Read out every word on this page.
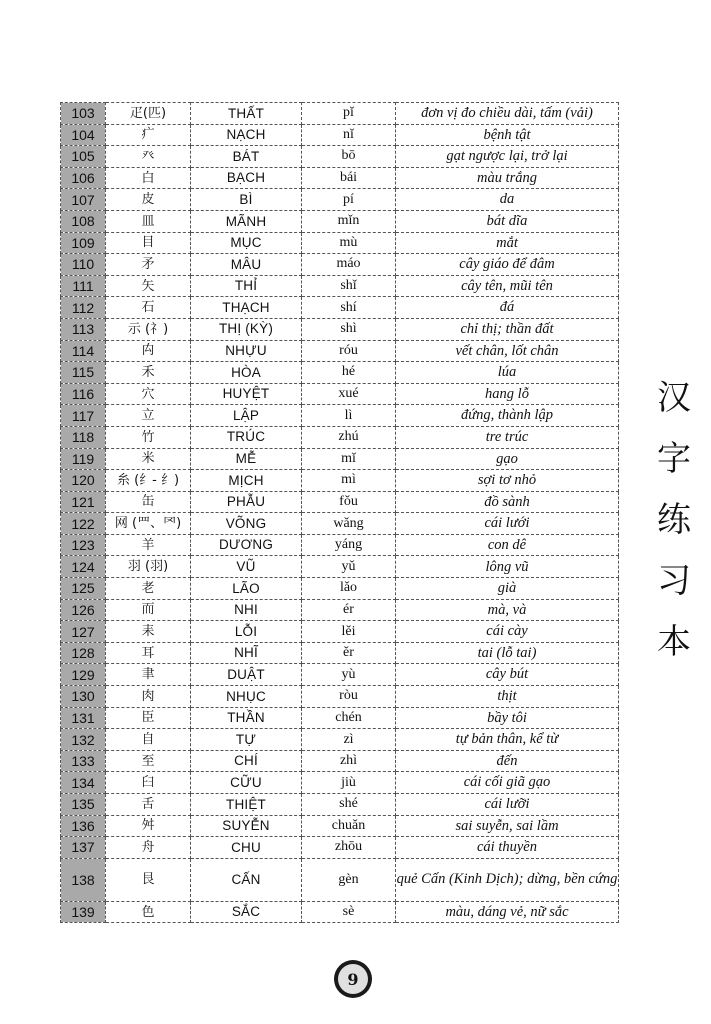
103	疋(匹)	THẤT	pǐ	đơn vị đo chiều dài, tấm (vải)
104	疒	NẠCH	nǐ	bệnh tật
105	癶	BÁT	bō	gạt ngược lại, trở lại
106	白	BẠCH	bái	màu trắng
107	皮	BÌ	pí	da
108	皿	MÃNH	mǐn	bát dĩa
109	目	MỤC	mù	mắt
110	矛	MÂU	máo	cây giáo để đâm
111	矢	THỈ	shǐ	cây tên, mũi tên
112	石	THẠCH	shí	đá
113	示 (礻)	THỊ (KỲ)	shì	chỉ thị; thần đất
114	禸	NHỰU	róu	vết chân, lốt chân
115	禾	HÒA	hé	lúa
116	穴	HUYỆT	xué	hang lỗ
117	立	LẬP	lì	đứng, thành lập
118	竹	TRÚC	zhú	tre trúc
119	米	MỄ	mǐ	gạo
120	糸 (纟- 纟)	MỊCH	mì	sợi tơ nhỏ
121	缶	PHẪU	fǒu	đồ sành
122	网 (罒、罓)	VÕNG	wǎng	cái lưới
123	羊	DƯƠNG	yáng	con dê
124	羽 (羽)	VŨ	yǔ	lông vũ
125	老	LÃO	lǎo	già
126	而	NHI	ér	mà, và
127	耒	LỖI	lěi	cái cày
128	耳	NHĨ	ěr	tai (lỗ tai)
129	聿	DUẬT	yù	cây bút
130	肉	NHỤC	ròu	thịt
131	臣	THẦN	chén	bầy tôi
132	自	TỰ	zì	tự bản thân, kể từ
133	至	CHÍ	zhì	đến
134	臼	CỮU	jiù	cái cối giã gạo
135	舌	THIỆT	shé	cái lưỡi
136	舛	SUYỄN	chuǎn	sai suyễn, sai lầm
137	舟	CHU	zhōu	cái thuyền
138	艮	CẤN	gèn	quẻ Cấn (Kinh Dịch); dừng, bền cứng
139	色	SẮC	sè	màu, dáng vẻ, nữ sắc
汉
字
练
习
本
9
